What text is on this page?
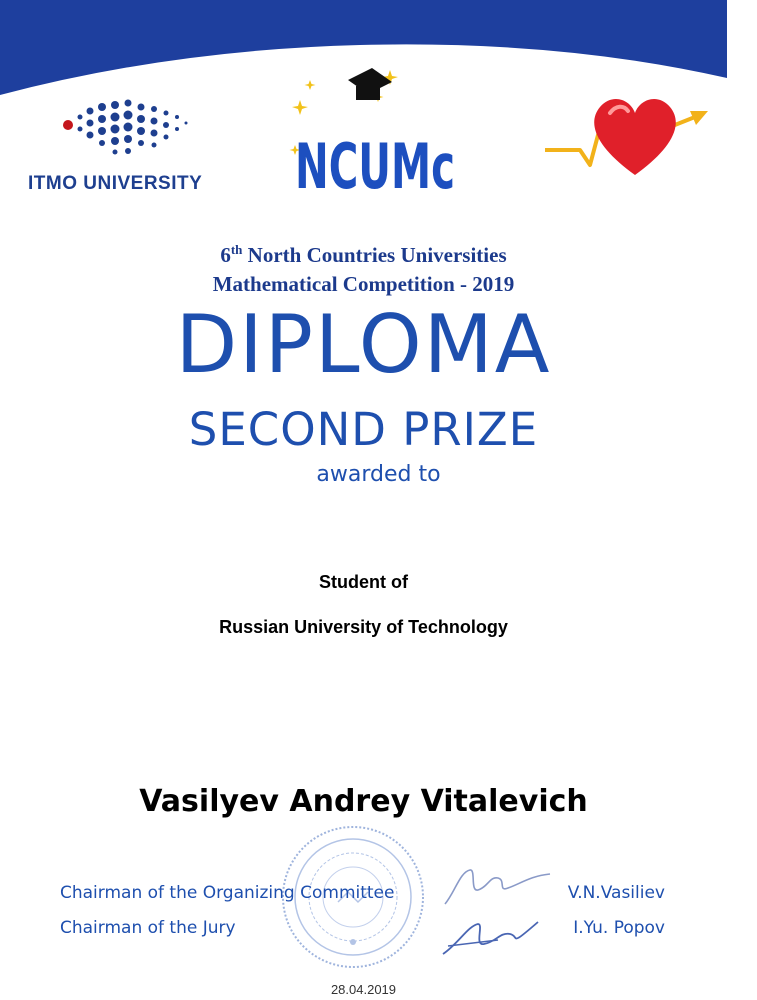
ITMO UNIVERSITY NCUMc
6th North Countries Universities
Mathematical Competition - 2019
DIPLOMA
SECOND PRIZE
awarded to
Student of
Russian University of Technology
Vasilyev Andrey Vitalevich
Chairman of the Organizing Committee	V.N.Vasiliev
Chairman of the Jury	I.Yu. Popov
28.04.2019
